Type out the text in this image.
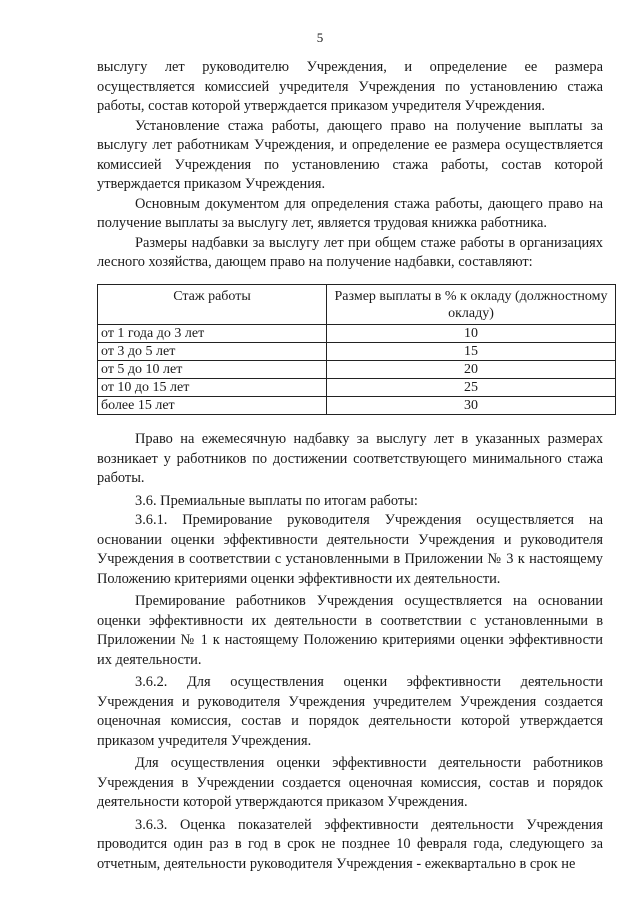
5

выслугу лет руководителю Учреждения, и определение ее размера осуществляется комиссией учредителя Учреждения по установлению стажа работы, состав которой утверждается приказом учредителя Учреждения.

Установление стажа работы, дающего право на получение выплаты за выслугу лет работникам Учреждения, и определение ее размера осуществляется комиссией Учреждения по установлению стажа работы, состав которой утверждается приказом Учреждения.

Основным документом для определения стажа работы, дающего право на получение выплаты за выслугу лет, является трудовая книжка работника.

Размеры надбавки за выслугу лет при общем стаже работы в организациях лесного хозяйства, дающем право на получение надбавки, составляют:

Стаж работы	Размер выплаты в % к окладу (должностному окладу)
от 1 года до 3 лет	10
от 3 до 5 лет	15
от 5 до 10 лет	20
от 10 до 15 лет	25
более 15 лет	30

Право на ежемесячную надбавку за выслугу лет в указанных размерах возникает у работников по достижении соответствующего минимального стажа работы.

3.6. Премиальные выплаты по итогам работы:

3.6.1. Премирование руководителя Учреждения осуществляется на основании оценки эффективности деятельности Учреждения и руководителя Учреждения в соответствии с установленными в Приложении № 3 к настоящему Положению критериями оценки эффективности их деятельности.

Премирование работников Учреждения осуществляется на основании оценки эффективности их деятельности в соответствии с установленными в Приложении № 1 к настоящему Положению критериями оценки эффективности их деятельности.

3.6.2. Для осуществления оценки эффективности деятельности Учреждения и руководителя Учреждения учредителем Учреждения создается оценочная комиссия, состав и порядок деятельности которой утверждается приказом учредителя Учреждения.

Для осуществления оценки эффективности деятельности работников Учреждения в Учреждении создается оценочная комиссия, состав и порядок деятельности которой утверждаются приказом Учреждения.

3.6.3. Оценка показателей эффективности деятельности Учреждения проводится один раз в год в срок не позднее 10 февраля года, следующего за отчетным, деятельности руководителя Учреждения - ежеквартально в срок не
